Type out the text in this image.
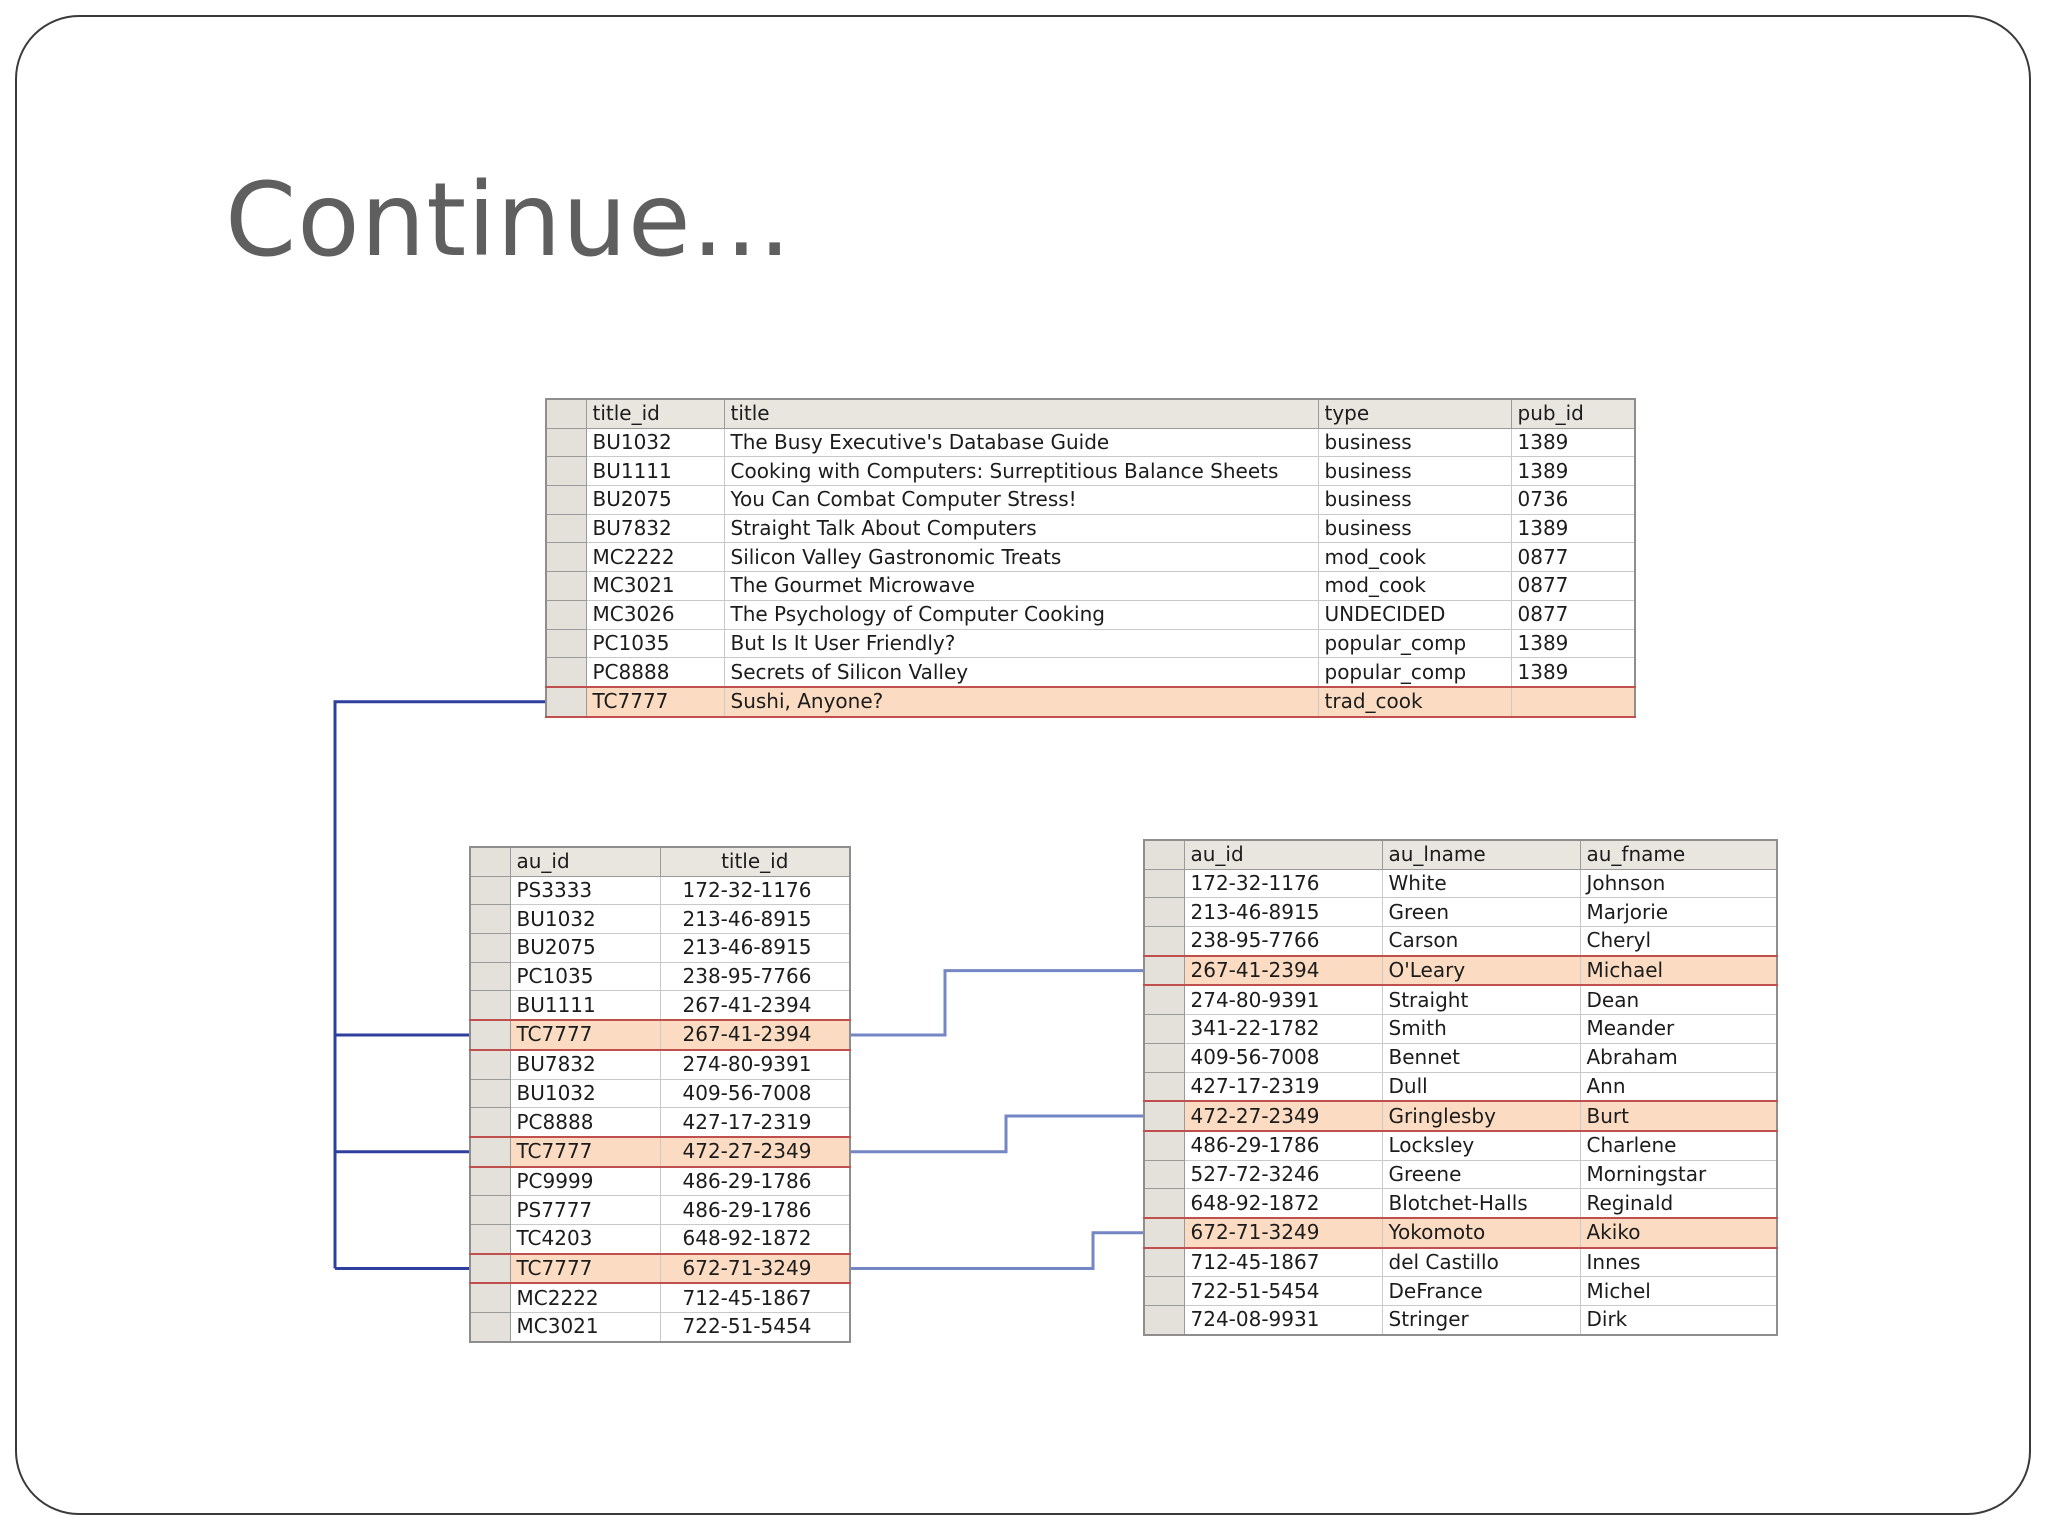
Continue...
	title_id	title	type	pub_id
	BU1032	The Busy Executive's Database Guide	business	1389
	BU1111	Cooking with Computers: Surreptitious Balance Sheets	business	1389
	BU2075	You Can Combat Computer Stress!	business	0736
	BU7832	Straight Talk About Computers	business	1389
	MC2222	Silicon Valley Gastronomic Treats	mod_cook	0877
	MC3021	The Gourmet Microwave	mod_cook	0877
	MC3026	The Psychology of Computer Cooking	UNDECIDED	0877
	PC1035	But Is It User Friendly?	popular_comp	1389
	PC8888	Secrets of Silicon Valley	popular_comp	1389
	TC7777	Sushi, Anyone?	trad_cook	
	au_id	title_id
	PS3333	172-32-1176
	BU1032	213-46-8915
	BU2075	213-46-8915
	PC1035	238-95-7766
	BU1111	267-41-2394
	TC7777	267-41-2394
	BU7832	274-80-9391
	BU1032	409-56-7008
	PC8888	427-17-2319
	TC7777	472-27-2349
	PC9999	486-29-1786
	PS7777	486-29-1786
	TC4203	648-92-1872
	TC7777	672-71-3249
	MC2222	712-45-1867
	MC3021	722-51-5454
	au_id	au_lname	au_fname
	172-32-1176	White	Johnson
	213-46-8915	Green	Marjorie
	238-95-7766	Carson	Cheryl
	267-41-2394	O'Leary	Michael
	274-80-9391	Straight	Dean
	341-22-1782	Smith	Meander
	409-56-7008	Bennet	Abraham
	427-17-2319	Dull	Ann
	472-27-2349	Gringlesby	Burt
	486-29-1786	Locksley	Charlene
	527-72-3246	Greene	Morningstar
	648-92-1872	Blotchet-Halls	Reginald
	672-71-3249	Yokomoto	Akiko
	712-45-1867	del Castillo	Innes
	722-51-5454	DeFrance	Michel
	724-08-9931	Stringer	Dirk
